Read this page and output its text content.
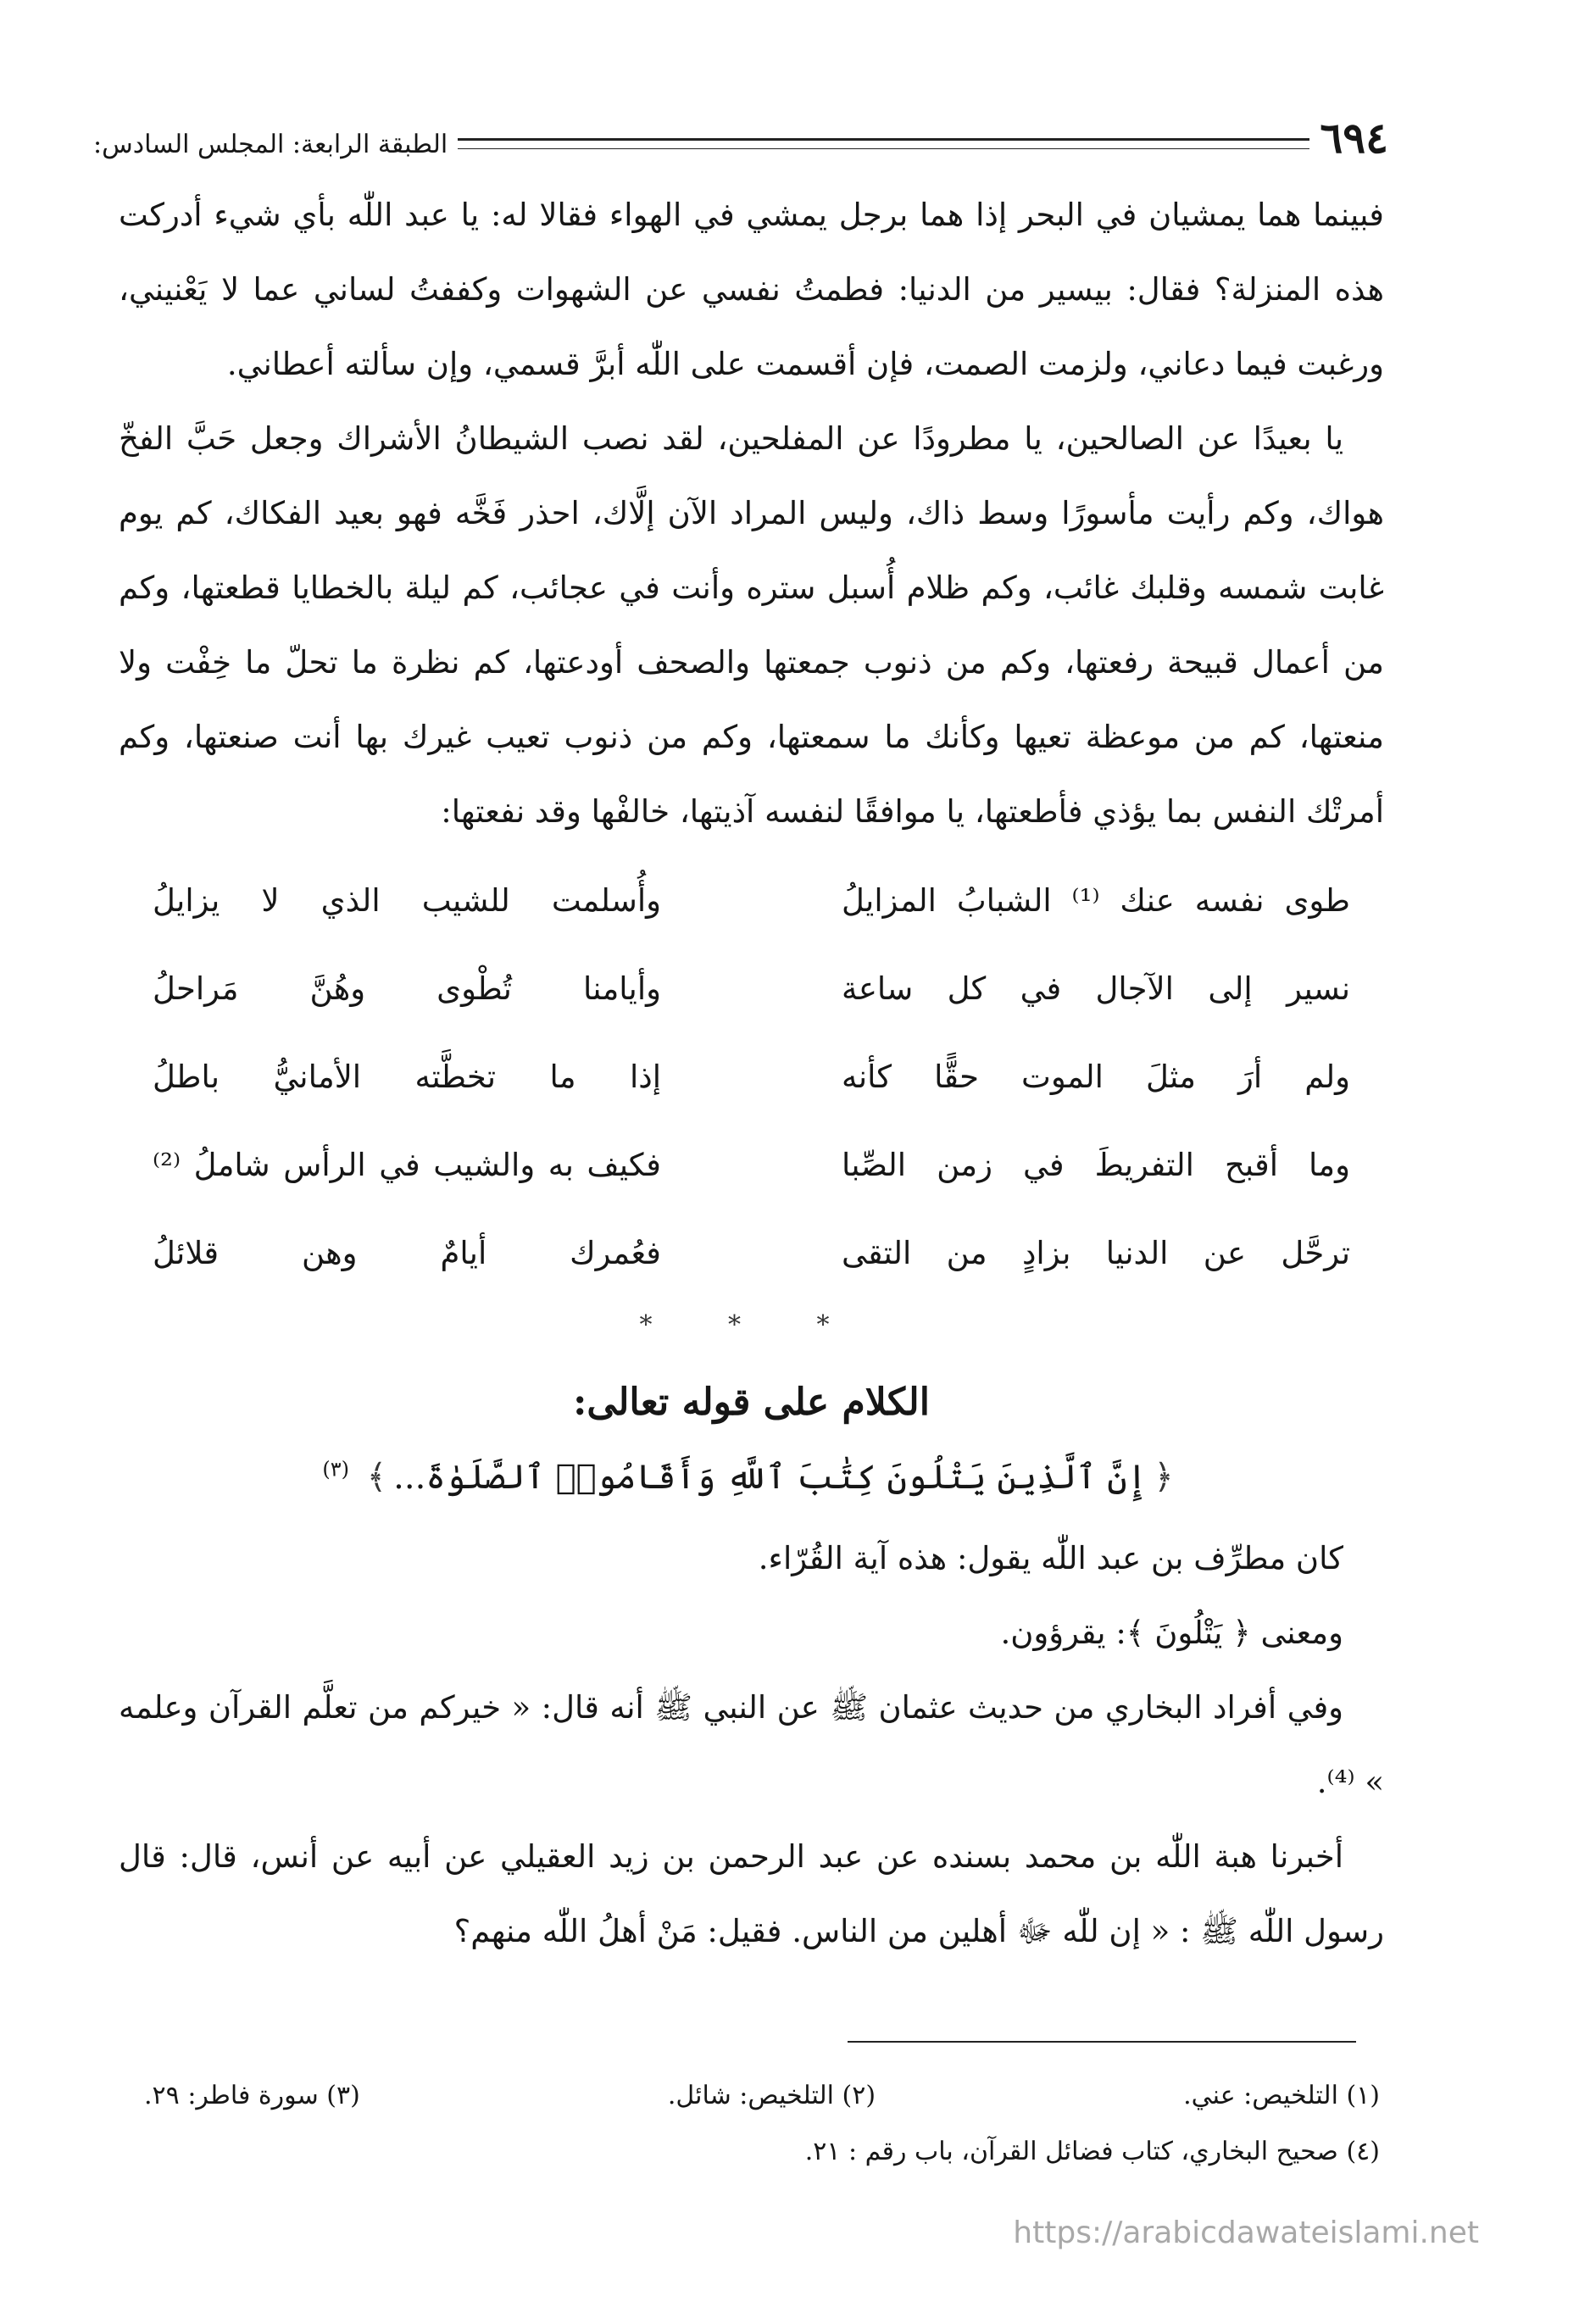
٦٩٤
الطبقة الرابعة: المجلس السادس:

فبينما هما يمشيان في البحر إذا هما برجل يمشي في الهواء فقالا له: يا عبد اللّٰه بأي شيء أدركت هذه المنزلة؟ فقال: بيسير من الدنيا: فطمتُ نفسي عن الشهوات وكففتُ لساني عما لا يَعْنيني، ورغبت فيما دعاني، ولزمت الصمت، فإن أقسمت على اللّٰه أبرَّ قسمي، وإن سألته أعطاني.

يا بعيدًا عن الصالحين، يا مطرودًا عن المفلحين، لقد نصب الشيطانُ الأشراك وجعل حَبَّ الفخّ هواك، وكم رأيت مأسورًا وسط ذاك، وليس المراد الآن إلَّاك، احذر فَخَّه فهو بعيد الفكاك، كم يوم غابت شمسه وقلبك غائب، وكم ظلام أُسبل ستره وأنت في عجائب، كم ليلة بالخطايا قطعتها، وكم من أعمال قبيحة رفعتها، وكم من ذنوب جمعتها والصحف أودعتها، كم نظرة ما تحلّ ما خِفْت ولا منعتها، كم من موعظة تعيها وكأنك ما سمعتها، وكم من ذنوب تعيب غيرك بها أنت صنعتها، وكم أمرتْك النفس بما يؤذي فأطعتها، يا موافقًا لنفسه آذيتها، خالفْها وقد نفعتها:

طوى نفسه عنك ⁽¹⁾ الشبابُ المزايلُ
وأُسلمت للشيب الذي لا يزايلُ
نسير إلى الآجال في كل ساعة
وأيامنا تُطْوى وهُنَّ مَراحلُ
ولم أرَ مثلَ الموت حقًّا كأنه
إذا ما تخطَّته الأمانيُّ باطلُ
وما أقبح التفريطَ في زمن الصِّبا
فكيف به والشيب في الرأس شاملُ ⁽²⁾
ترحَّل عن الدنيا بزادٍ من التقى
فعُمرك أيامٌ وهن قلائلُ
* * *
الكلام على قوله تعالى:
﴿إِنَّ ٱلَّذِينَ يَتْلُونَ كِتَٰبَ ٱللَّهِ وَأَقَامُوا۟ ٱلصَّلَوٰةَ...﴾ $^{(٣)}$

كان مطرِّف بن عبد اللّٰه يقول: هذه آية القُرّاء.

ومعنى ﴿ يَتْلُونَ ﴾: يقرؤون.

وفي أفراد البخاري من حديث عثمان ﷺ عن النبي ﷺ أنه قال: « خيركم من تعلَّم القرآن وعلمه » ⁽⁴⁾.

أخبرنا هبة اللّٰه بن محمد بسنده عن عبد الرحمن بن زيد العقيلي عن أبيه عن أنس، قال: قال رسول اللّٰه ﷺ : « إن للّٰه ﷻ أهلين من الناس. فقيل: مَنْ أهلُ اللّٰه منهم؟

(١) التلخيص: عني.
(٢) التلخيص: شائل.
(٣) سورة فاطر: ٢٩.
(٤) صحيح البخاري، كتاب فضائل القرآن، باب رقم : ٢١.
https://arabicdawateislami.net
